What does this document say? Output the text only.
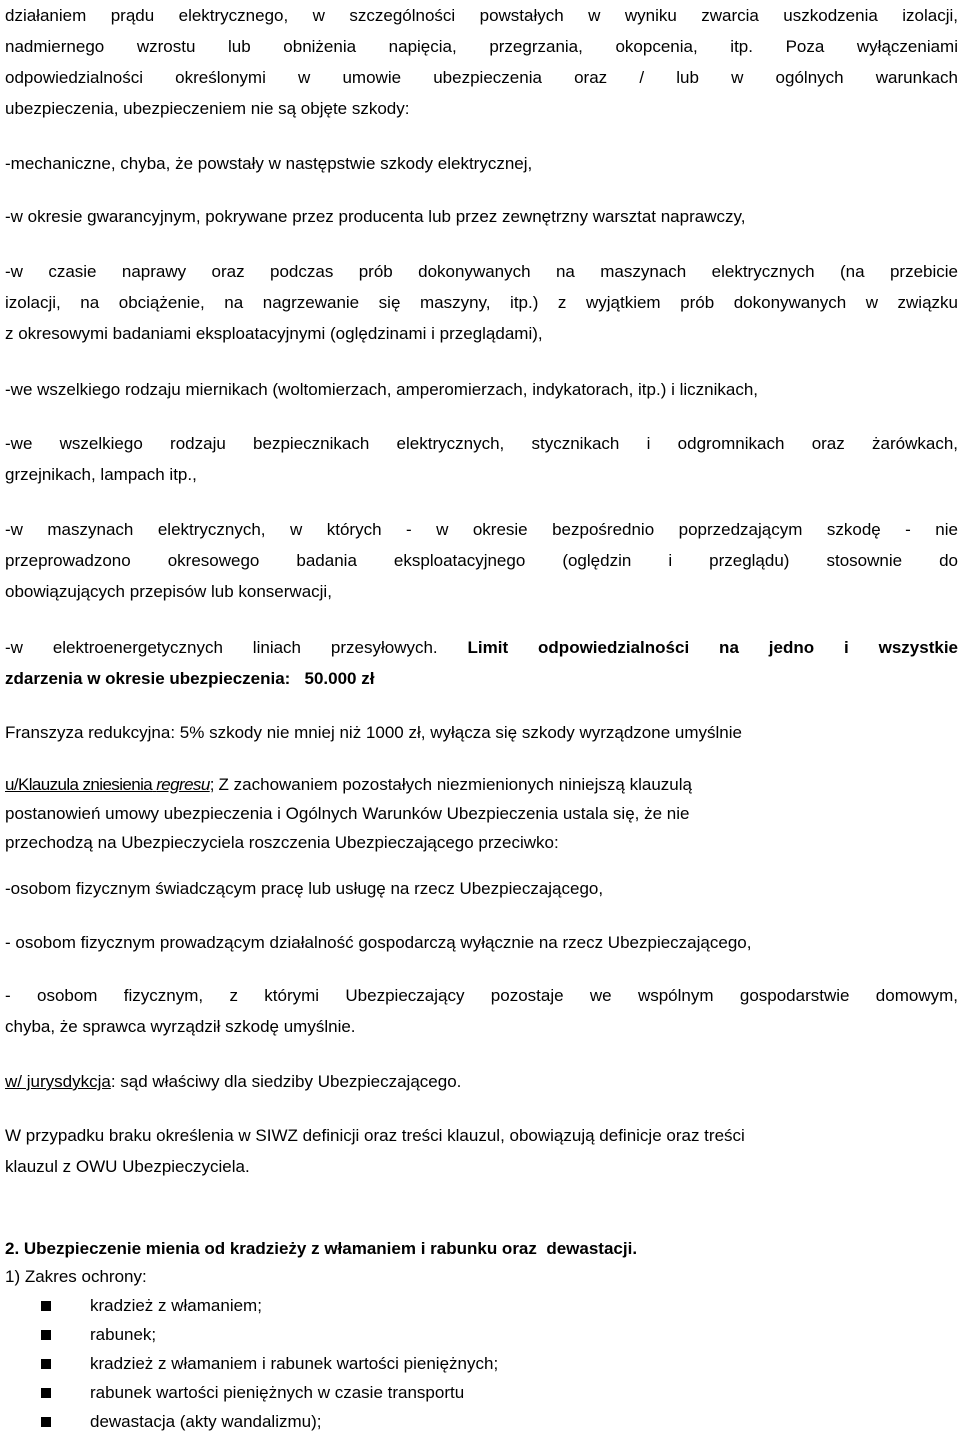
działaniem prądu elektrycznego, w szczególności powstałych w wyniku zwarcia uszkodzenia izolacji,
nadmiernego wzrostu lub obniżenia napięcia, przegrzania, okopcenia, itp. Poza wyłączeniami
odpowiedzialności określonymi w umowie ubezpieczenia oraz / lub w ogólnych warunkach
ubezpieczenia, ubezpieczeniem nie są objęte szkody:
-mechaniczne, chyba, że powstały w następstwie szkody elektrycznej,
-w okresie gwarancyjnym, pokrywane przez producenta lub przez zewnętrzny warsztat naprawczy,
-w czasie naprawy oraz podczas prób dokonywanych na maszynach elektrycznych (na przebicie
izolacji, na obciążenie, na nagrzewanie się maszyny, itp.) z wyjątkiem prób dokonywanych w związku
z okresowymi badaniami eksploatacyjnymi (oględzinami i przeglądami),
-we wszelkiego rodzaju miernikach (woltomierzach, amperomierzach, indykatorach, itp.) i licznikach,
-we wszelkiego rodzaju bezpiecznikach elektrycznych, stycznikach i odgromnikach oraz żarówkach,
grzejnikach, lampach itp.,
-w maszynach elektrycznych, w których - w okresie bezpośrednio poprzedzającym szkodę - nie
przeprowadzono okresowego badania eksploatacyjnego (oględzin i przeglądu) stosownie do
obowiązujących przepisów lub konserwacji,
-w elektroenergetycznych liniach przesyłowych. Limit odpowiedzialności na jedno i wszystkie
zdarzenia w okresie ubezpieczenia:   50.000 zł
Franszyza redukcyjna: 5% szkody nie mniej niż 1000 zł, wyłącza się szkody wyrządzone umyślnie
u/Klauzula zniesienia regresu; Z zachowaniem pozostałych niezmienionych niniejszą klauzulą
postanowień umowy ubezpieczenia i Ogólnych Warunków Ubezpieczenia ustala się, że nie
przechodzą na Ubezpieczyciela roszczenia Ubezpieczającego przeciwko:
-osobom fizycznym świadczącym pracę lub usługę na rzecz Ubezpieczającego,
- osobom fizycznym prowadzącym działalność gospodarczą wyłącznie na rzecz Ubezpieczającego,
- osobom fizycznym, z którymi Ubezpieczający pozostaje we wspólnym gospodarstwie domowym,
chyba, że sprawca wyrządził szkodę umyślnie.
w/ jurysdykcja: sąd właściwy dla siedziby Ubezpieczającego.
W przypadku braku określenia w SIWZ definicji oraz treści klauzul, obowiązują definicje oraz treści
klauzul z OWU Ubezpieczyciela.
2. Ubezpieczenie mienia od kradzieży z włamaniem i rabunku oraz  dewastacji.
1) Zakres ochrony:
kradzież z włamaniem;
rabunek;
kradzież z włamaniem i rabunek wartości pieniężnych;
rabunek wartości pieniężnych w czasie transportu
dewastacja (akty wandalizmu);
